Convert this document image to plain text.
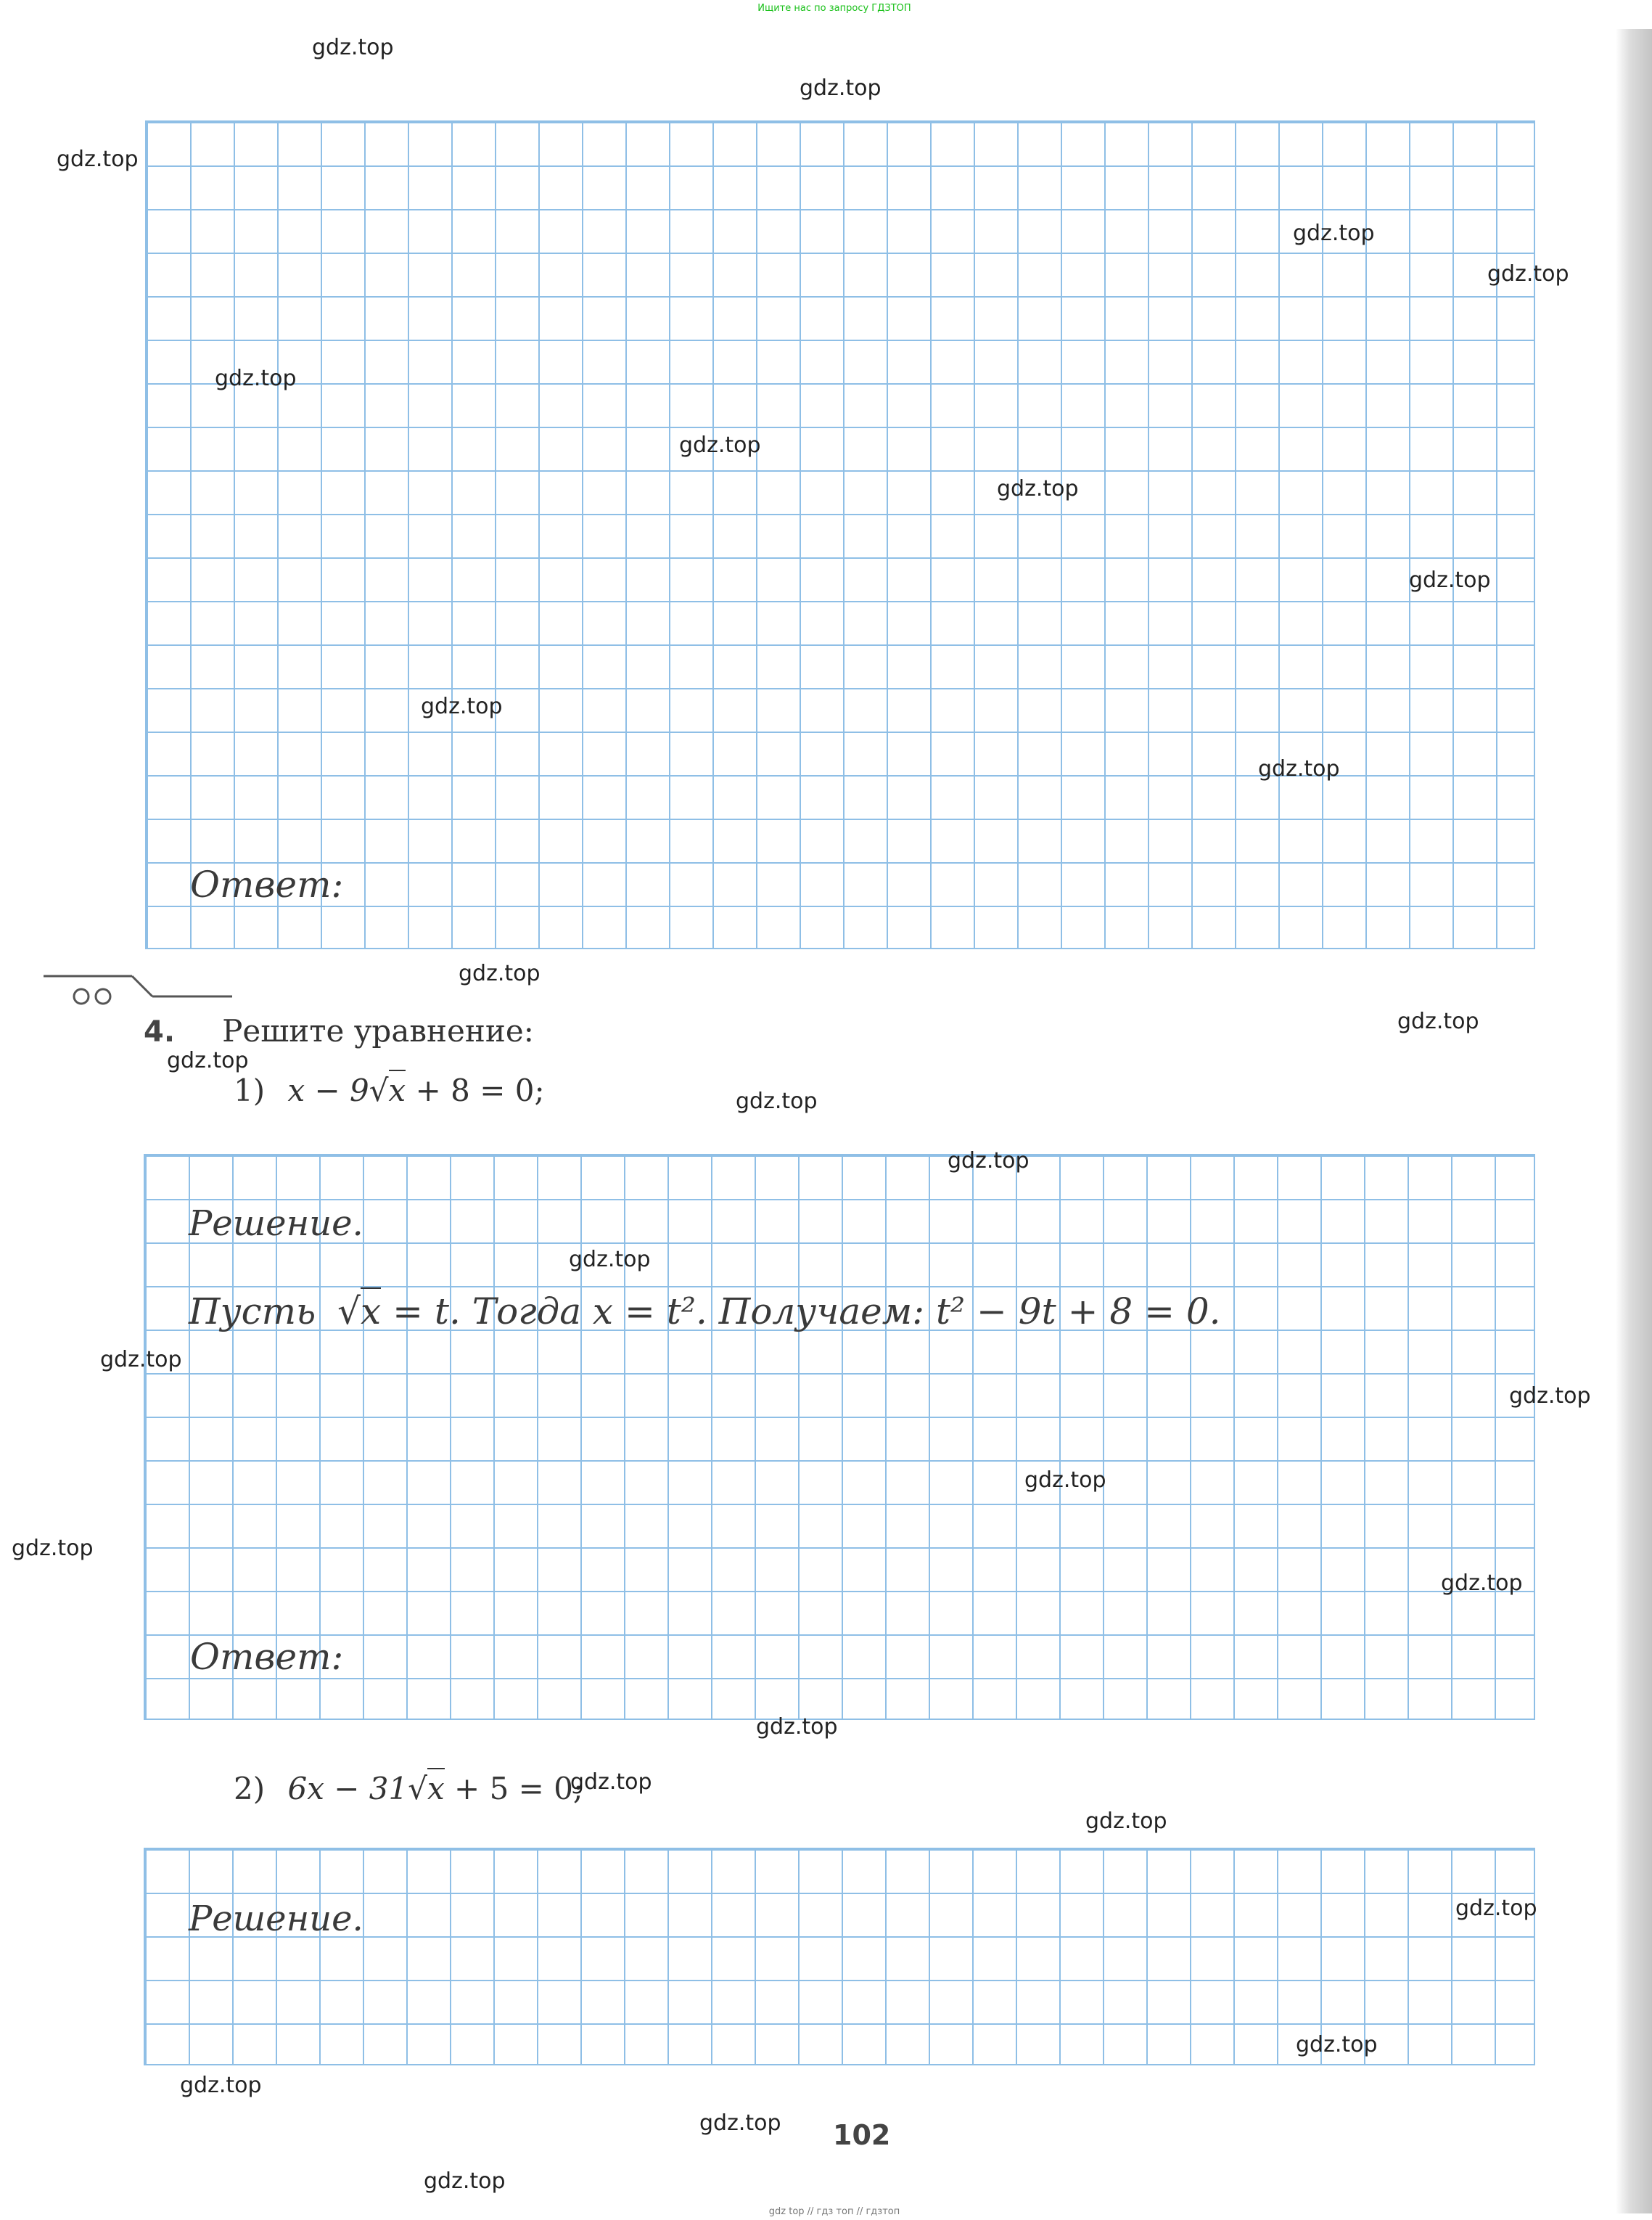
Ищите нас по запросу ГДЗТОП
Ответ:
4. Решите уравнение:
1) x − 9√x + 8 = 0;
Решение.
Пусть √x = t. Тогда x = t². Получаем: t² − 9t + 8 = 0.
Ответ:
2) 6x − 31√x + 5 = 0;
Решение.
102
gdz.top
gdz.top
gdz.top
gdz.top
gdz.top
gdz.top
gdz.top
gdz.top
gdz.top
gdz.top
gdz.top
gdz.top
gdz.top
gdz.top
gdz.top
gdz.top
gdz.top
gdz.top
gdz.top
gdz.top
gdz.top
gdz.top
gdz.top
gdz.top
gdz.top
gdz.top
gdz.top
gdz.top
gdz.top
gdz.top
gdz top // гдз топ // гдзтоп
